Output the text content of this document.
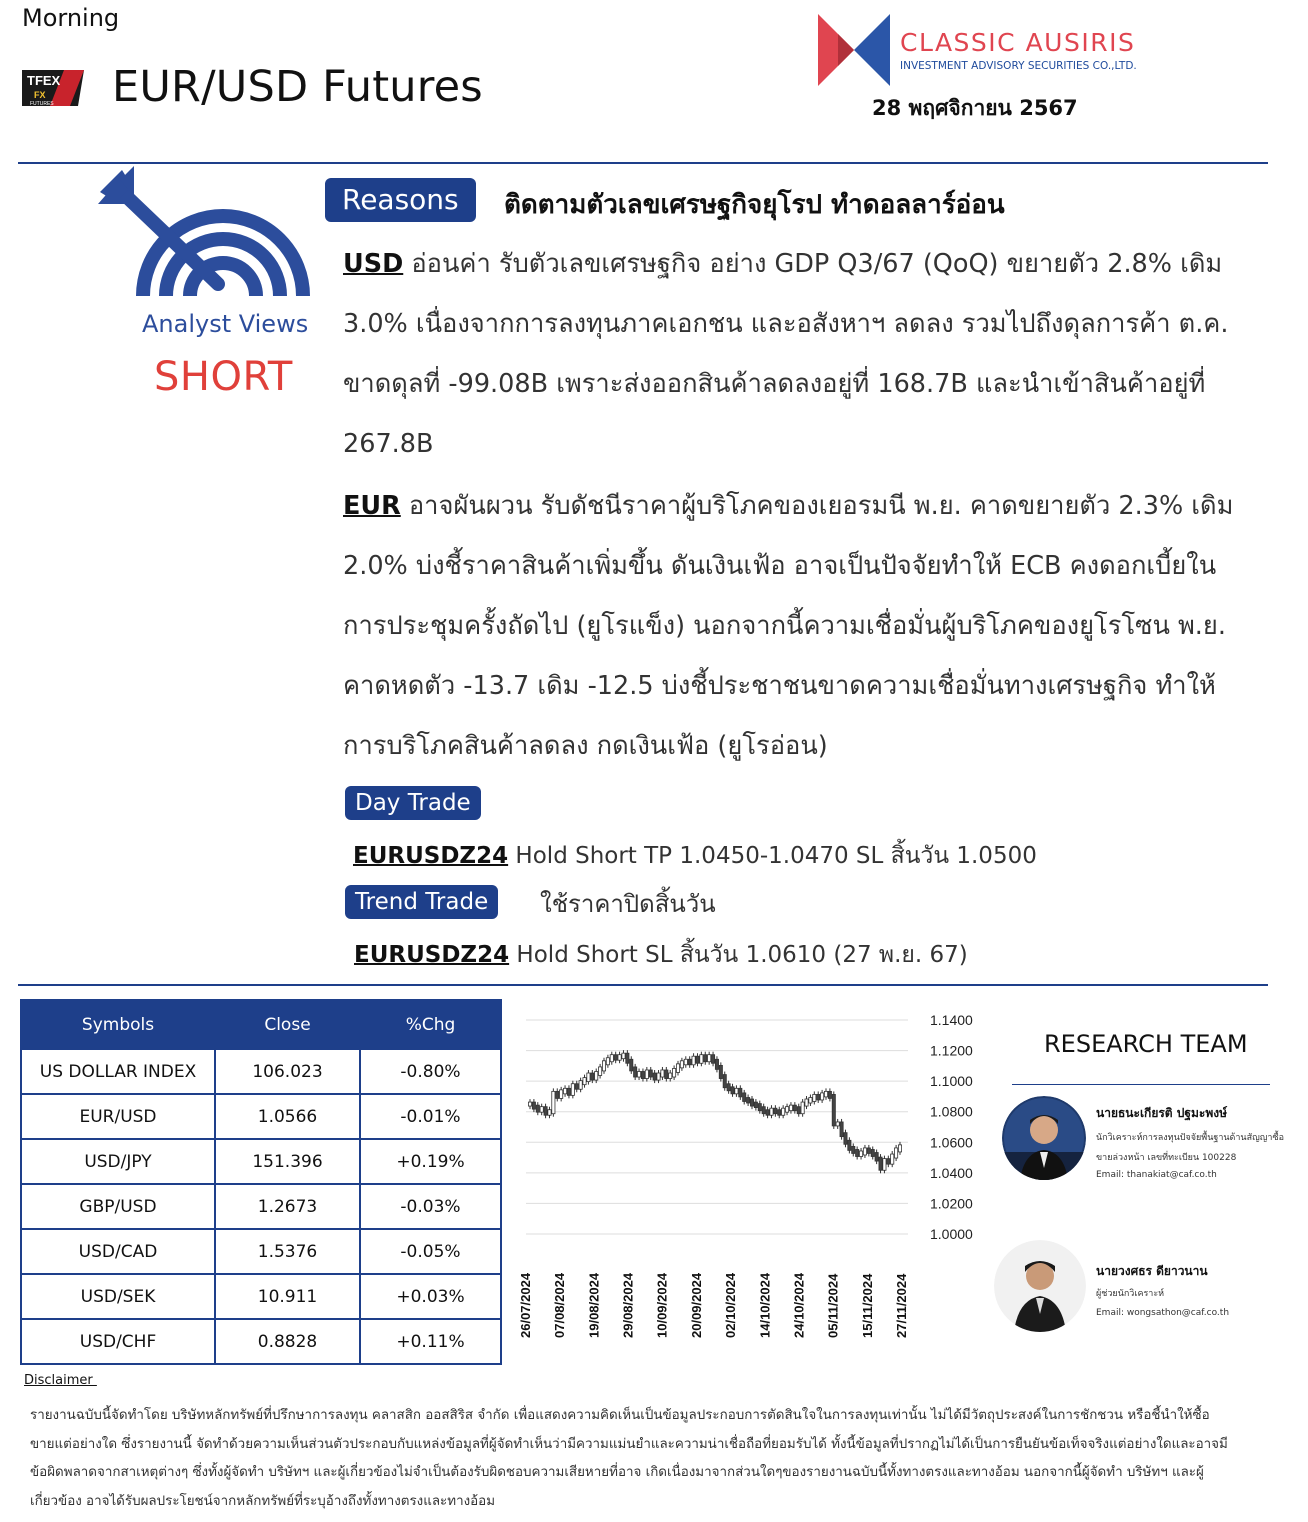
Morning
TFEX
FX
FUTURES EUR/USD Futures
CLASSIC AUSIRIS
INVESTMENT ADVISORY SECURITIES CO.,LTD.
28 พฤศจิกายน 2567
Analyst Views
SHORT
Reasons	ติดตามตัวเลขเศรษฐกิจยุโรป ทำดอลลาร์อ่อน
USD อ่อนค่า รับตัวเลขเศรษฐกิจ อย่าง GDP Q3/67 (QoQ) ขยายตัว 2.8% เดิม 3.0% เนื่องจากการลงทุนภาคเอกชน และอสังหาฯ ลดลง รวมไปถึงดุลการค้า ต.ค. ขาดดุลที่ -99.08B เพราะส่งออกสินค้าลดลงอยู่ที่ 168.7B และนำเข้าสินค้าอยู่ที่ 267.8B
EUR อาจผันผวน รับดัชนีราคาผู้บริโภคของเยอรมนี พ.ย. คาดขยายตัว 2.3% เดิม 2.0% บ่งชี้ราคาสินค้าเพิ่มขึ้น ดันเงินเฟ้อ อาจเป็นปัจจัยทำให้ ECB คงดอกเบี้ยในการประชุมครั้งถัดไป (ยูโรแข็ง) นอกจากนี้ความเชื่อมั่นผู้บริโภคของยูโรโซน พ.ย. คาดหดตัว -13.7 เดิม -12.5 บ่งชี้ประชาชนขาดความเชื่อมั่นทางเศรษฐกิจ ทำให้การบริโภคสินค้าลดลง กดเงินเฟ้อ (ยูโรอ่อน)
Day Trade
EURUSDZ24 Hold Short TP 1.0450-1.0470 SL สิ้นวัน 1.0500
Trend Trade	ใช้ราคาปิดสิ้นวัน
EURUSDZ24 Hold Short SL สิ้นวัน 1.0610 (27 พ.ย. 67)
Symbols	Close	%Chg
US DOLLAR INDEX	106.023	-0.80%
EUR/USD	1.0566	-0.01%
USD/JPY	151.396	+0.19%
GBP/USD	1.2673	-0.03%
USD/CAD	1.5376	-0.05%
USD/SEK	10.911	+0.03%
USD/CHF	0.8828	+0.11%
1.1400
1.1200
1.1000
1.0800
1.0600
1.0400
1.0200
1.0000
26/07/2024 07/08/2024 19/08/2024 29/08/2024 10/09/2024 20/09/2024 02/10/2024 14/10/2024 24/10/2024 05/11/2024 15/11/2024 27/11/2024
RESEARCH TEAM
นายธนะเกียรติ ปฐมะพงษ์
นักวิเคราะห์การลงทุนปัจจัยพื้นฐานด้านสัญญาซื้อ
ขายล่วงหน้า เลขที่ทะเบียน 100228
Email: thanakiat@caf.co.th
นายวงศธร ดียาวนาน
ผู้ช่วยนักวิเคราะห์
Email: wongsathon@caf.co.th
Disclaimer
รายงานฉบับนี้จัดทำโดย บริษัทหลักทรัพย์ที่ปรึกษาการลงทุน คลาสสิก ออสสิริส จำกัด เพื่อแสดงความคิดเห็นเป็นข้อมูลประกอบการตัดสินใจในการลงทุนเท่านั้น ไม่ได้มีวัตถุประสงค์ในการชักชวน หรือชี้นำให้ซื้อขายแต่อย่างใด ซึ่งรายงานนี้ จัดทำด้วยความเห็นส่วนตัวประกอบกับแหล่งข้อมูลที่ผู้จัดทำเห็นว่ามีความแม่นยำและความน่าเชื่อถือที่ยอมรับได้ ทั้งนี้ข้อมูลที่ปรากฏไม่ได้เป็นการยืนยันข้อเท็จจริงแต่อย่างใดและอาจมีข้อผิดพลาดจากสาเหตุต่างๆ ซึ่งทั้งผู้จัดทำ บริษัทฯ และผู้เกี่ยวข้องไม่จำเป็นต้องรับผิดชอบความเสียหายที่อาจ เกิดเนื่องมาจากส่วนใดๆของรายงานฉบับนี้ทั้งทางตรงและทางอ้อม นอกจากนี้ผู้จัดทำ บริษัทฯ และผู้เกี่ยวข้อง อาจได้รับผลประโยชน์จากหลักทรัพย์ที่ระบุอ้างถึงทั้งทางตรงและทางอ้อม
